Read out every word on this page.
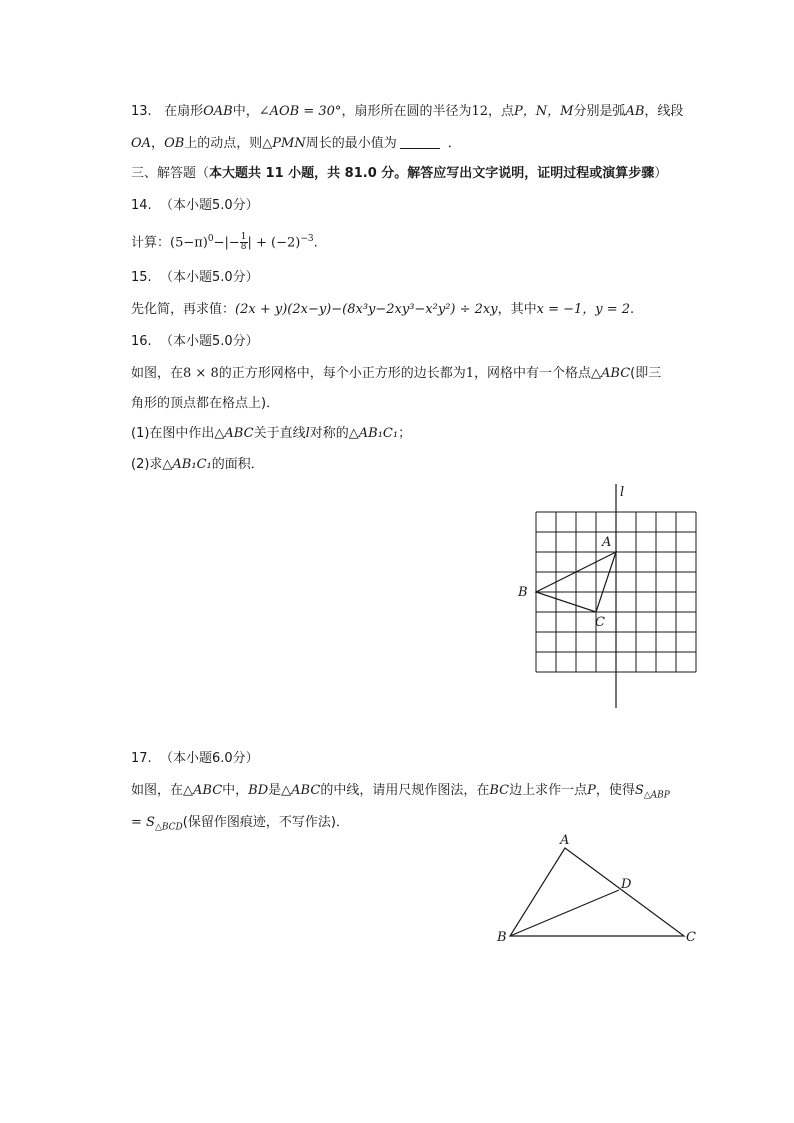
13. 在扇形OAB中，∠AOB = 30°，扇形所在圆的半径为12，点P，N，M分别是弧AB，线段
OA，OB上的动点，则△PMN周长的最小值为	．
三、解答题（本大题共 11 小题，共 81.0 分。解答应写出文字说明，证明过程或演算步骤）
14. （本小题5.0分）
计算：$(5-\pi)^0-|- \frac{1}{8}$ | + $(-2)^{-3}$.
15. （本小题5.0分）
先化简，再求值：(2x + y)(2x−y)−(8x³y−2xy³−x²y²) ÷ 2xy，其中x = −1，y = 2.
16. （本小题5.0分）
如图，在8 × 8的正方形网格中，每个小正方形的边长都为1，网格中有一个格点△ABC(即三
角形的顶点都在格点上)．
(1)在图中作出△ABC关于直线l对称的△AB₁C₁；
(2)求△AB₁C₁的面积．
l
A
B
C
17. （本小题6.0分）
如图，在△ABC中，BD是△ABC的中线，请用尺规作图法，在BC边上求作一点P，使得$S_{\triangle ABP}$
= $S_{\triangle BCD}$(保留作图痕迹，不写作法)．
A
B	C
D
